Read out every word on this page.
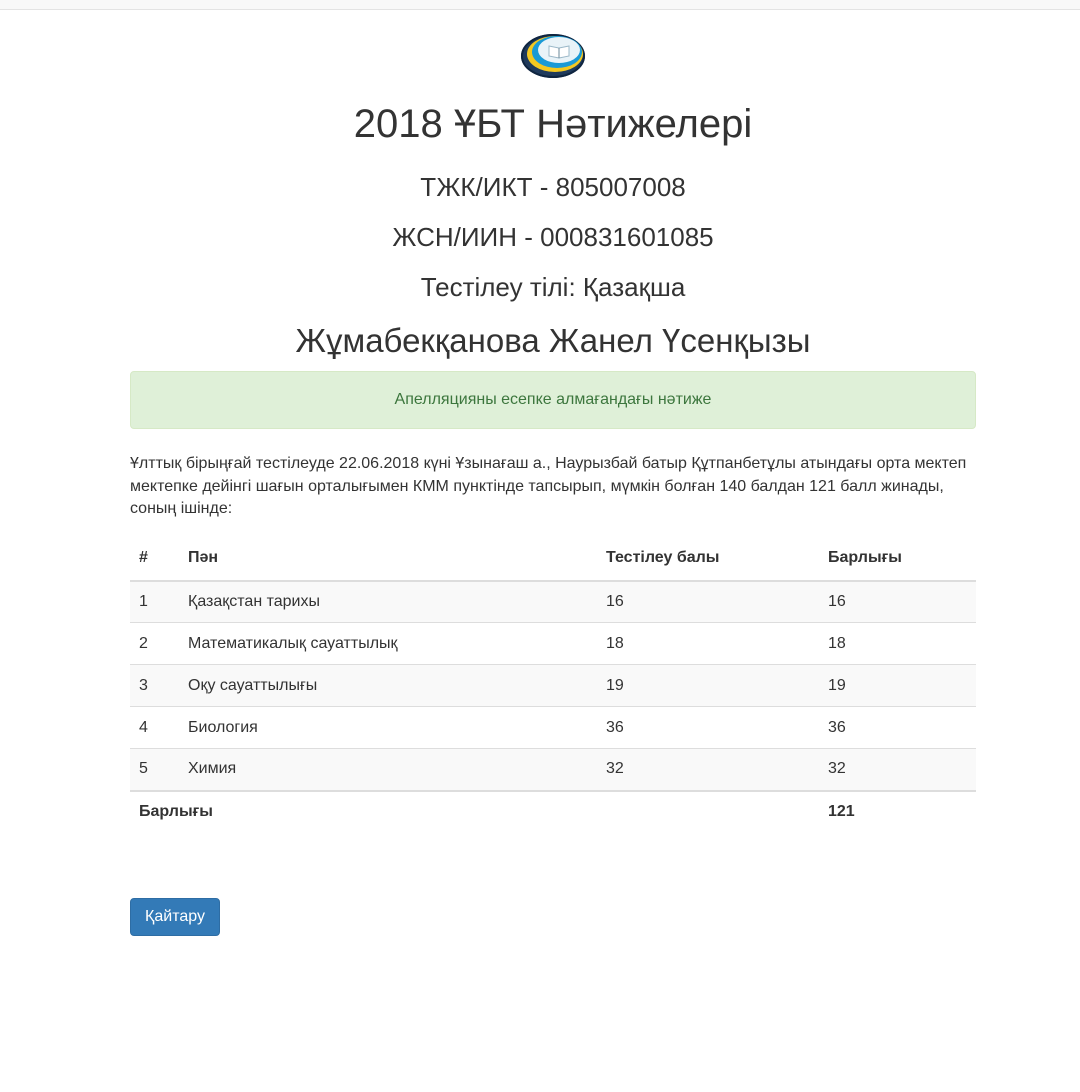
2018 ҰБТ Нәтижелері
ТЖК/ИКТ - 805007008
ЖСН/ИИН - 000831601085
Тестілеу тілі: Қазақша
Жұмабекқанова Жанел Үсенқызы
Апелляцияны есепке алмағандағы нәтиже

Ұлттық бірыңғай тестілеуде 22.06.2018 күні Ұзынағаш а., Наурызбай батыр Құтпанбетұлы атындағы орта мектеп мектепке дейінгі шағын орталығымен КММ пунктінде тапсырып, мүмкін болған 140 балдан 121 балл жинады, соның ішінде:

#	Пән	Тестілеу балы	Барлығы
1	Қазақстан тарихы	16	16
2	Математикалық сауаттылық	18	18
3	Оқу сауаттылығы	19	19
4	Биология	36	36
5	Химия	32	32
Барлығы			121
Қайтару
